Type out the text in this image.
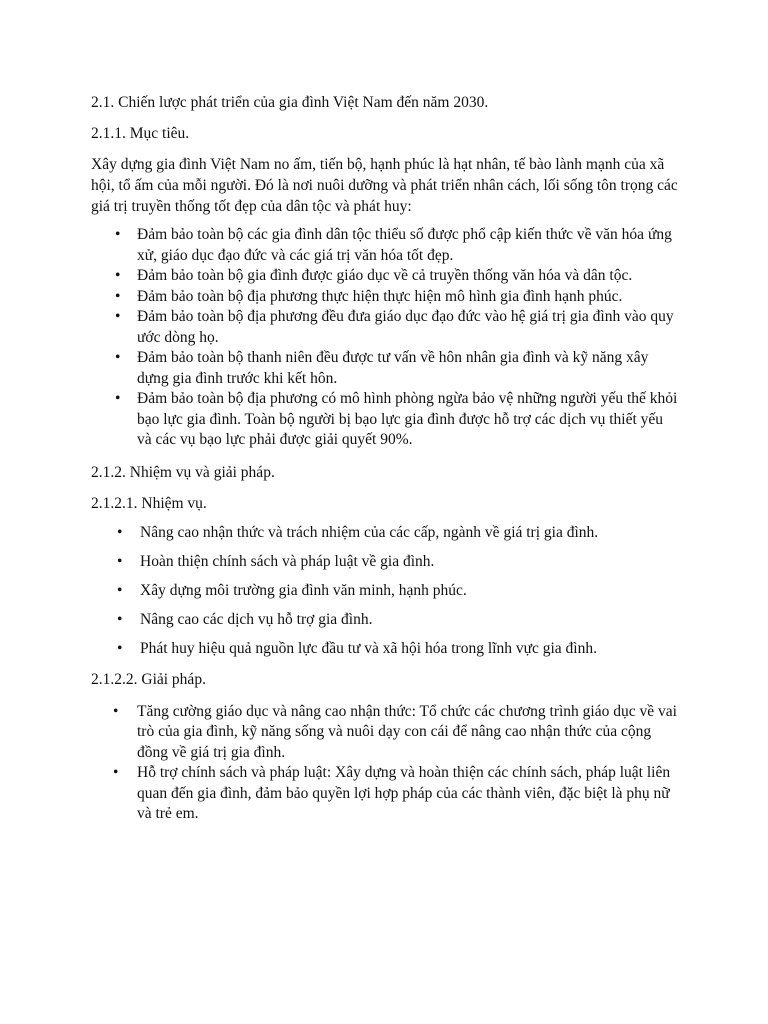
2.1. Chiến lược phát triển của gia đình Việt Nam đến năm 2030.

2.1.1. Mục tiêu.

Xây dựng gia đình Việt Nam no ấm, tiến bộ, hạnh phúc là hạt nhân, tế bào lành mạnh của xã hội, tổ ấm của mỗi người. Đó là nơi nuôi dưỡng và phát triển nhân cách, lối sống tôn trọng các giá trị truyền thống tốt đẹp của dân tộc và phát huy:

• Đảm bảo toàn bộ các gia đình dân tộc thiểu số được phổ cập kiến thức về văn hóa ứng xử, giáo dục đạo đức và các giá trị văn hóa tốt đẹp.
• Đảm bảo toàn bộ gia đình được giáo dục về cả truyền thống văn hóa và dân tộc.
• Đảm bảo toàn bộ địa phương thực hiện thực hiện mô hình gia đình hạnh phúc.
• Đảm bảo toàn bộ địa phương đều đưa giáo dục đạo đức vào hệ giá trị gia đình vào quy ước dòng họ.
• Đảm bảo toàn bộ thanh niên đều được tư vấn về hôn nhân gia đình và kỹ năng xây dựng gia đình trước khi kết hôn.
• Đảm bảo toàn bộ địa phương có mô hình phòng ngừa bảo vệ những người yếu thế khỏi bạo lực gia đình. Toàn bộ người bị bạo lực gia đình được hỗ trợ các dịch vụ thiết yếu và các vụ bạo lực phải được giải quyết 90%.

2.1.2. Nhiệm vụ và giải pháp.

2.1.2.1. Nhiệm vụ.

• Nâng cao nhận thức và trách nhiệm của các cấp, ngành về giá trị gia đình.
• Hoàn thiện chính sách và pháp luật về gia đình.
• Xây dựng môi trường gia đình văn minh, hạnh phúc.
• Nâng cao các dịch vụ hỗ trợ gia đình.
• Phát huy hiệu quả nguồn lực đầu tư và xã hội hóa trong lĩnh vực gia đình.

2.1.2.2. Giải pháp.

• Tăng cường giáo dục và nâng cao nhận thức: Tổ chức các chương trình giáo dục về vai trò của gia đình, kỹ năng sống và nuôi dạy con cái để nâng cao nhận thức của cộng đồng về giá trị gia đình.
• Hỗ trợ chính sách và pháp luật: Xây dựng và hoàn thiện các chính sách, pháp luật liên quan đến gia đình, đảm bảo quyền lợi hợp pháp của các thành viên, đặc biệt là phụ nữ và trẻ em.
